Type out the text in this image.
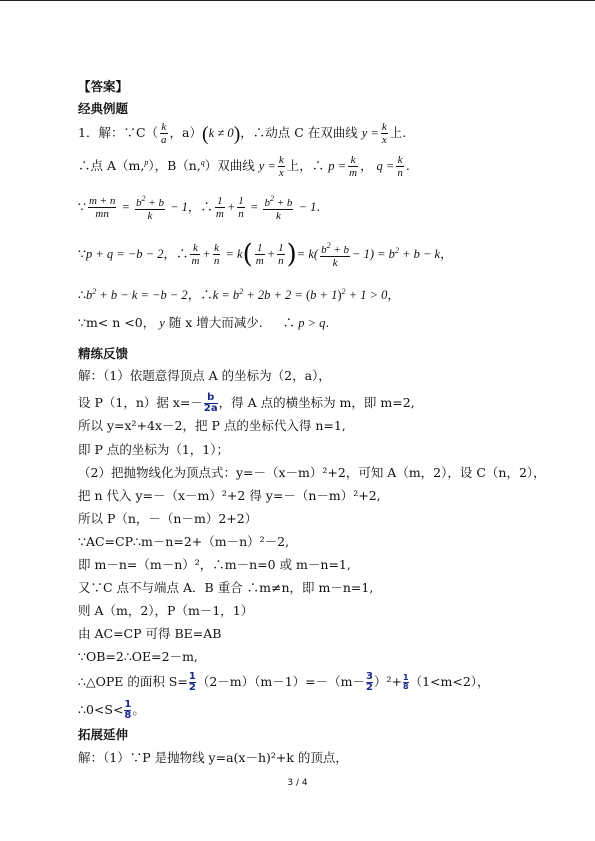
【答案】
经典例题
1．解：∵C（ $\frac{k}{a}$ ，a）(k ≠ 0)，∴动点 C 在双曲线 $y = \frac{k}{x}$ 上.
∴点 A（m,$^p$），B（n,$^q$）双曲线 $y = \frac{k}{x}$ 上，∴ $p = \frac{k}{m}$ ， $q = \frac{k}{n}$ .
∵ $\frac{m + n}{mn} = \frac{b^2 + b}{k} - 1$，∴ $\frac{1}{m} + \frac{1}{n} = \frac{b^2 + b}{k} - 1$.
∵p + q = −b − 2，∴ $\frac{k}{m} + \frac{k}{n} = k( \frac{1}{m} + \frac{1}{n}$ )= $k( \frac{b^2 + b}{k} - 1) = b^2 + b - k$，
$\therefore b^2 + b - k = -b - 2$，∴k = $b^2 + 2b + 2 = (b + 1)^2 + 1 > 0$，
∵m< n <0， y 随 x 增大而减少. ∴ p > q.
精练反馈
解：（1）依题意得顶点 A 的坐标为（2，a），
设 P（1，n）据 $x=- \frac{b}{2a}$ ，得 A 点的横坐标为 m，即 m=2,
所以 y=x²+4x－2，把 P 点的坐标代入得 n=1,
即 P 点的坐标为（1，1）；
（2）把抛物线化为顶点式：y=－（x－m）²+2，可知 A（m，2），设 C（n，2），
把 n 代入 y=－（x－m）²+2 得 y=－（n－m）²+2,
所以 P（n，－（n－m）2+2）
∵AC=CP∴m－n=2+（m－n）²－2,
即 m－n=（m－n）²，∴m－n=0 或 m－n=1,
又∵C 点不与端点 A．B 重合 ∴m≠n，即 m－n=1,
则 A（m，2），P（m－1，1）
由 AC=CP 可得 BE=AB
∵OB=2∴OE=2－m,
∴△OPE 的面积 $S= \frac{1}{2} (2-m)(m-1)=-(m- \frac{3}{2} )^2+ \frac{1}{8} (1<m<2)$，
∴0<S< $\frac{1}{8}$ 。
拓展延伸
解：（1）∵P 是抛物线 y=a(x－h)²+k 的顶点，
3 / 4
